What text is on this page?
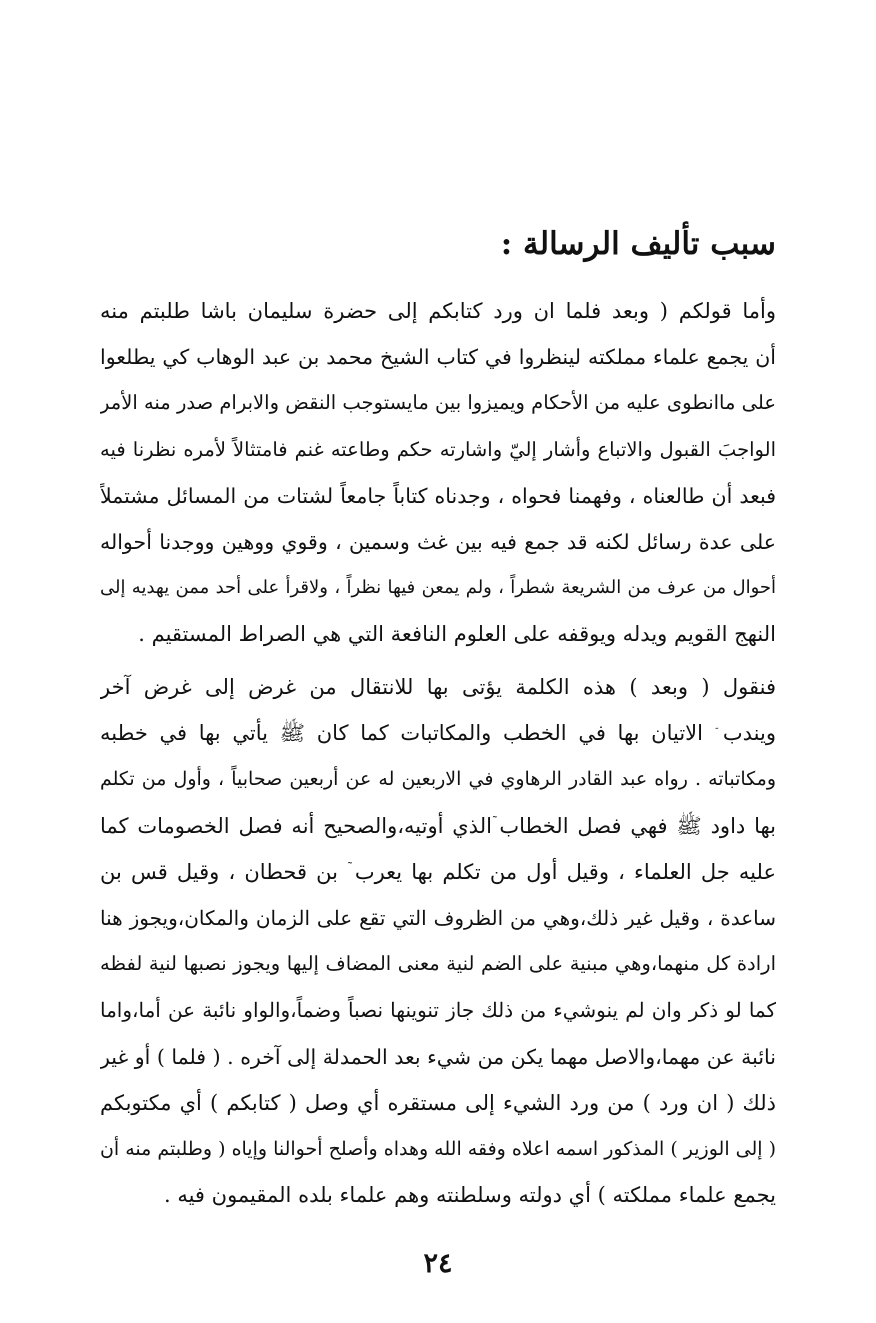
سبب تأليف الرسالة :
وأما قولكم ( وبعد فلما ان ورد كتابكم إلى حضرة سليمان باشا طلبتم منه
أن يجمع علماء مملكته لينظروا في كتاب الشيخ محمد بن عبد الوهاب كي يطلعوا
على ماانطوى عليه من الأحكام ويميزوا بين مايستوجب النقض والابرام صدر منه الأمر
الواجبَ القبول والاتباع وأشار إليّ واشارته حكم وطاعته غنم فامتثالاً لأمره نظرنا فيه
فبعد أن طالعناه ، وفهمنا فحواه ، وجدناه كتاباً جامعاً لشتات من المسائل مشتملاً
على عدة رسائل لكنه قد جمع فيه بين غث وسمين ، وقوي ووهين ووجدنا أحواله
أحوال من عرف من الشريعة شطراً ، ولم يمعن فيها نظراً ، ولاقرأ على أحد ممن يهديه إلى
النهج القويم ويدله ويوقفه على العلوم النافعة التي هي الصراط المستقيم .
فنقول ( وبعد ) هذه الكلمة يؤتى بها للانتقال من غرض إلى غرض آخر
ويندب ٙ الاتيان بها في الخطب والمكاتبات كما كان ﷺ يأتي بها في خطبه
ومكاتباته . رواه عبد القادر الرهاوي في الاربعين له عن أربعين صحابياً ، وأول من تكلم
بها داود ﷺ فهي فصل الخطاب ٙالذي أوتيه،والصحيح أنه فصل الخصومات كما
عليه جل العلماء ، وقيل أول من تكلم بها يعرب ٙ بن قحطان ، وقيل قس بن
ساعدة ، وقيل غير ذلك،وهي من الظروف التي تقع على الزمان والمكان،ويجوز هنا
ارادة كل منهما،وهي مبنية على الضم لنية معنى المضاف إليها ويجوز نصبها لنية لفظه
كما لو ذكر وان لم ينوشيء من ذلك جاز تنوينها نصباً وضماً،والواو نائبة عن أما،واما
نائبة عن مهما،والاصل مهما يكن من شيء بعد الحمدلة إلى آخره . ( فلما ) أو غير
ذلك ( ان ورد ) من ورد الشيء إلى مستقره أي وصل ( كتابكم ) أي مكتوبكم
( إلى الوزير ) المذكور اسمه اعلاه وفقه الله وهداه وأصلح أحوالنا وإياه ( وطلبتم منه أن
يجمع علماء مملكته ) أي دولته وسلطنته وهم علماء بلده المقيمون فيه .
٢٤
